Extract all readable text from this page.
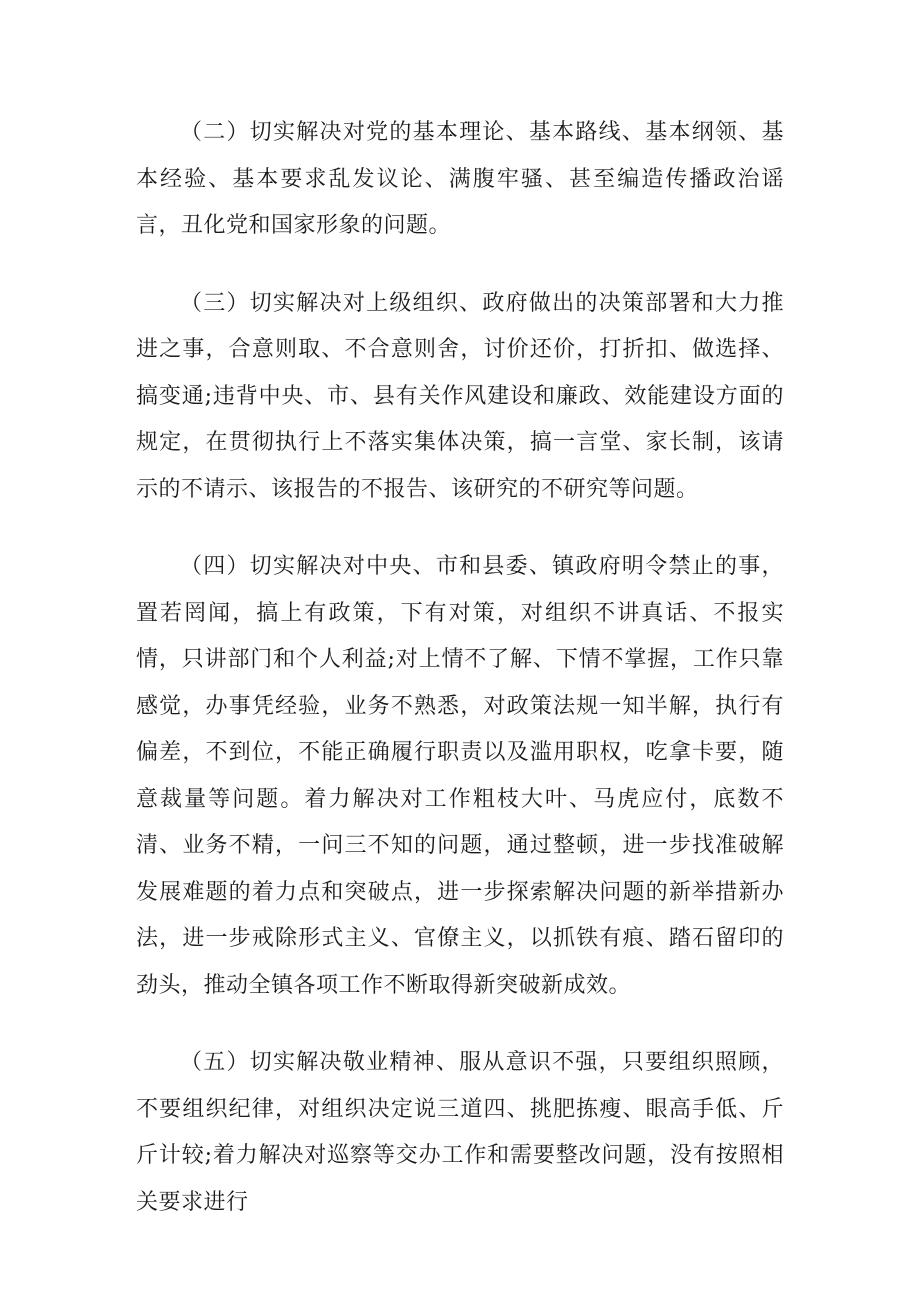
（二）切实解决对党的基本理论、基本路线、基本纲领、基本经验、基本要求乱发议论、满腹牢骚、甚至编造传播政治谣言，丑化党和国家形象的问题。

（三）切实解决对上级组织、政府做出的决策部署和大力推进之事，合意则取、不合意则舍，讨价还价，打折扣、做选择、搞变通;违背中央、市、县有关作风建设和廉政、效能建设方面的规定，在贯彻执行上不落实集体决策，搞一言堂、家长制，该请示的不请示、该报告的不报告、该研究的不研究等问题。

（四）切实解决对中央、市和县委、镇政府明令禁止的事，置若罔闻，搞上有政策，下有对策，对组织不讲真话、不报实情，只讲部门和个人利益;对上情不了解、下情不掌握，工作只靠感觉，办事凭经验，业务不熟悉，对政策法规一知半解，执行有偏差，不到位，不能正确履行职责以及滥用职权，吃拿卡要，随意裁量等问题。着力解决对工作粗枝大叶、马虎应付，底数不清、业务不精，一问三不知的问题，通过整顿，进一步找准破解发展难题的着力点和突破点，进一步探索解决问题的新举措新办法，进一步戒除形式主义、官僚主义，以抓铁有痕、踏石留印的劲头，推动全镇各项工作不断取得新突破新成效。

（五）切实解决敬业精神、服从意识不强，只要组织照顾，不要组织纪律，对组织决定说三道四、挑肥拣瘦、眼高手低、斤斤计较;着力解决对巡察等交办工作和需要整改问题，没有按照相关要求进行
